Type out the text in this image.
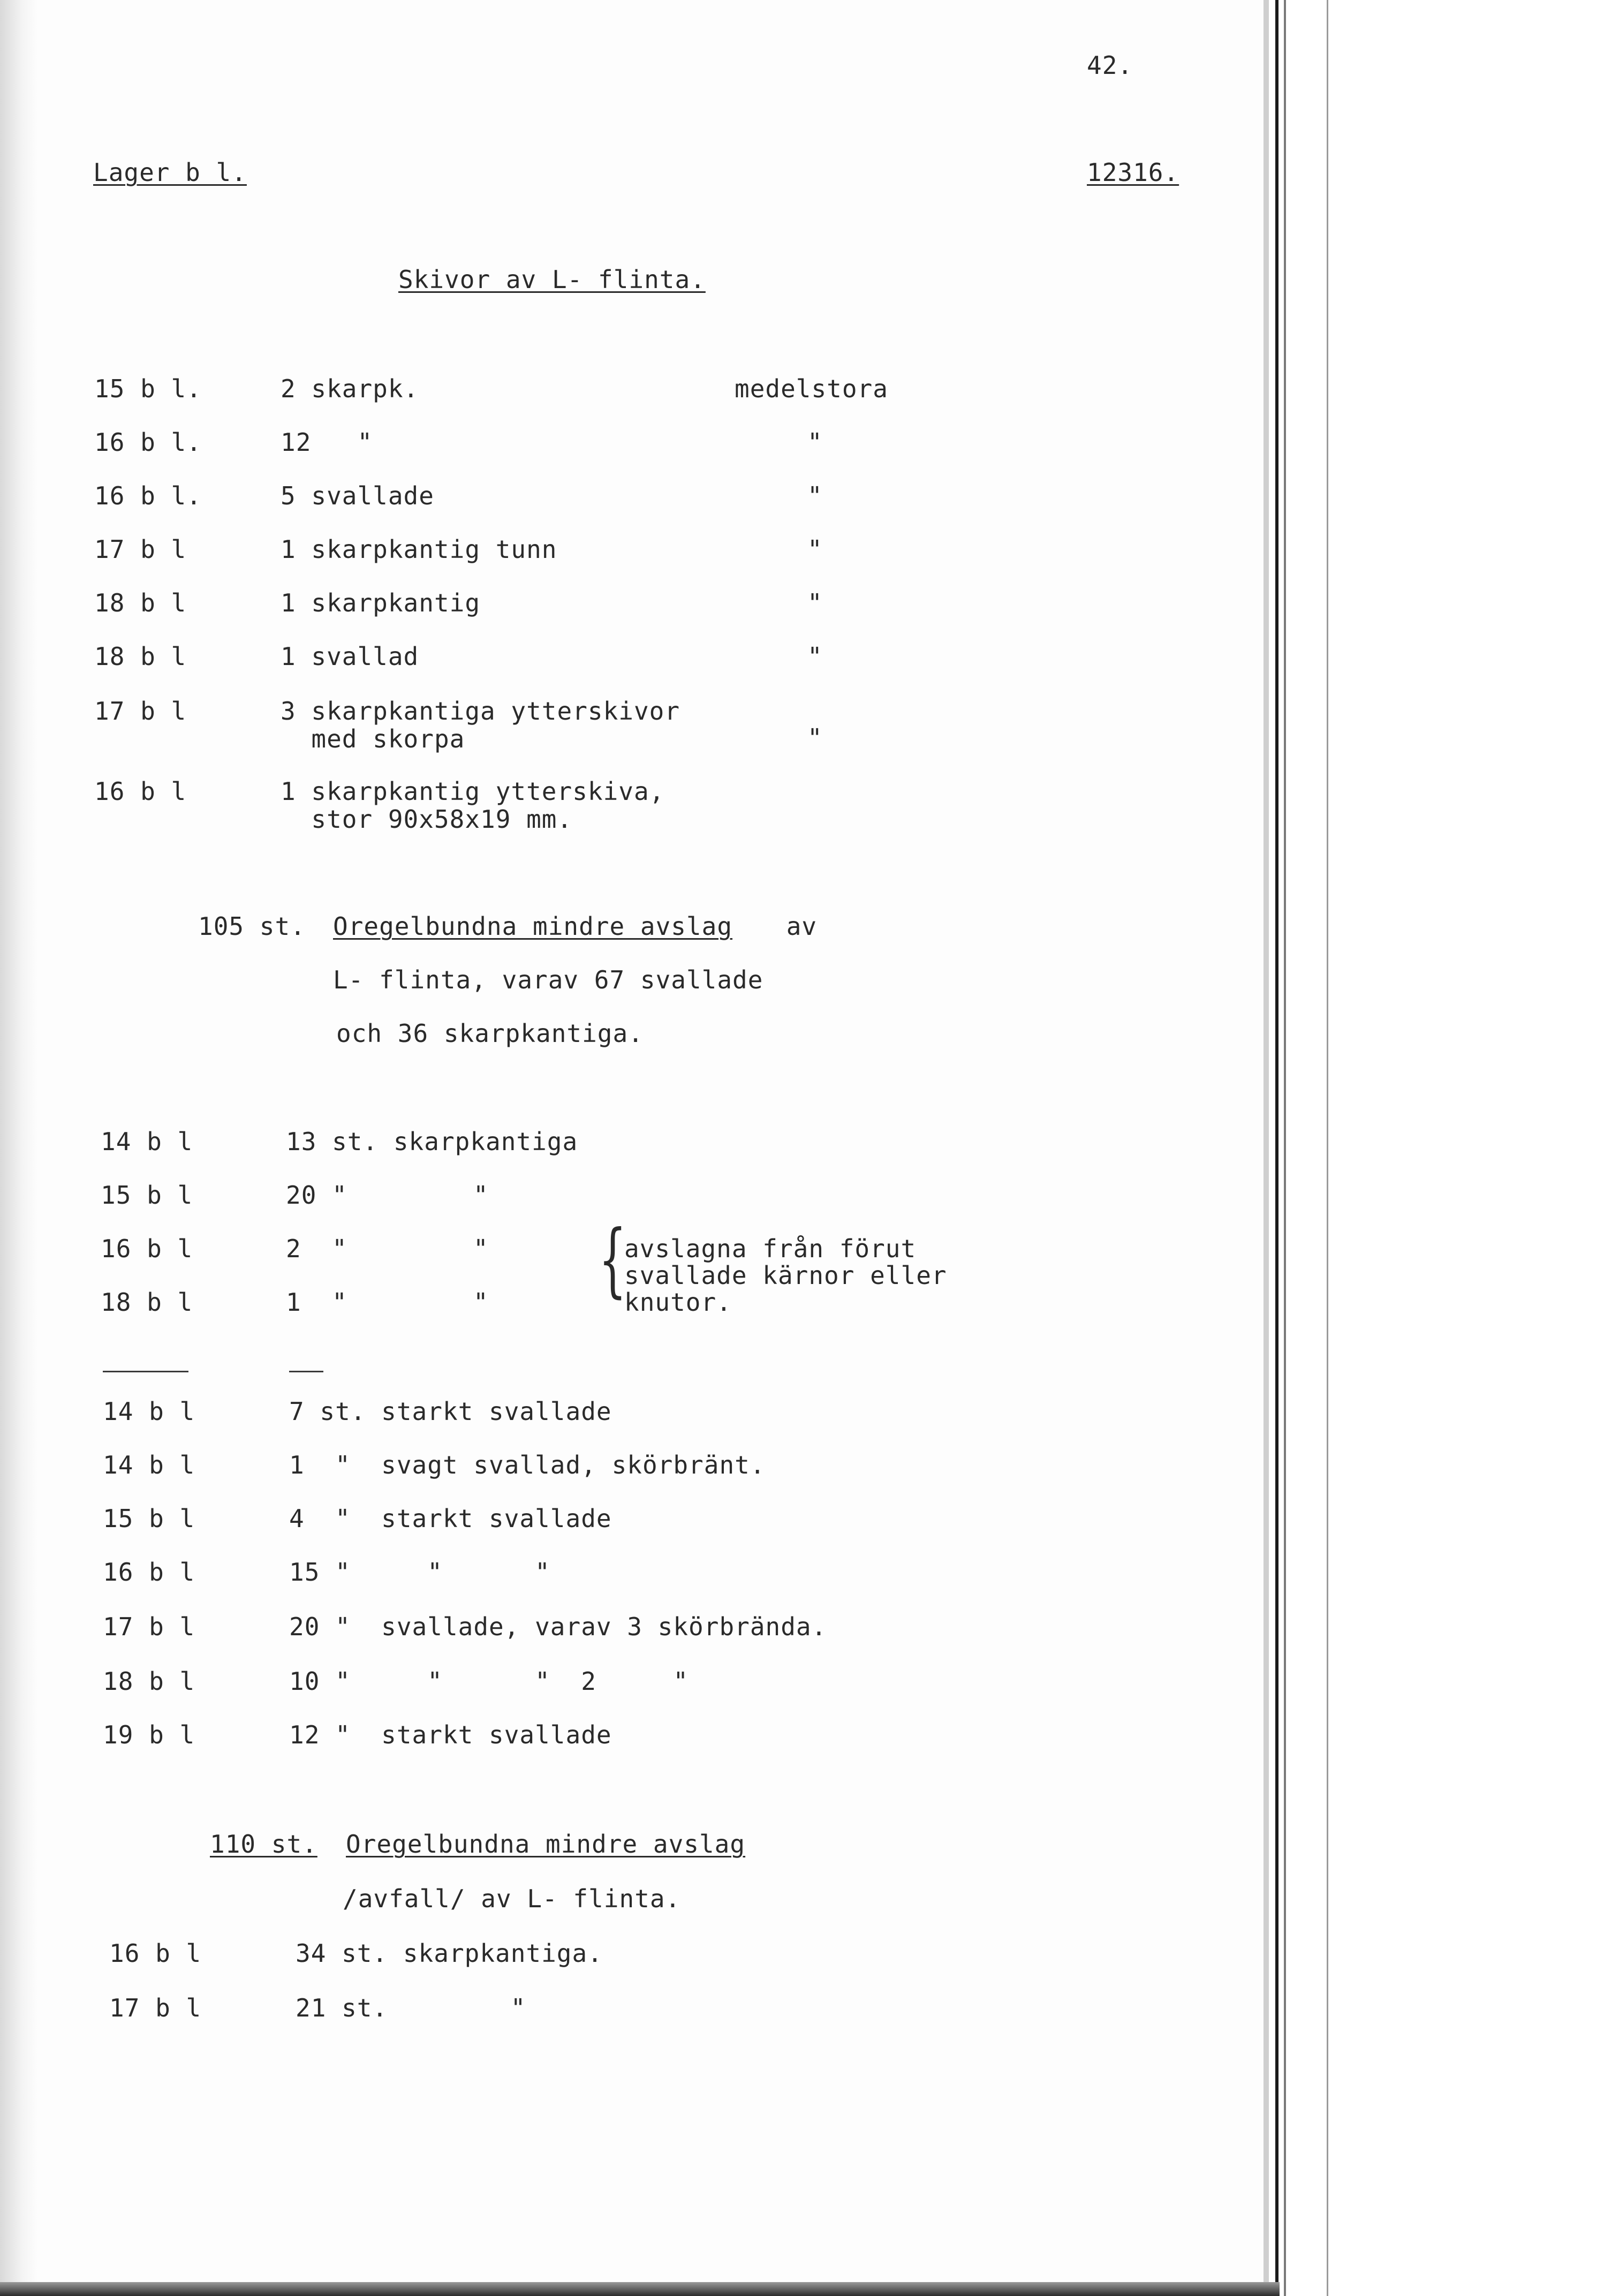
42.
Lager b l.	12316.
Skivor av L- flinta.
15 b l.	2 skarpk.	medelstora
16 b l.	12   "	"
16 b l.	5 svallade	"
17 b l	1 skarpkantig tunn	"
18 b l	1 skarpkantig	"
18 b l	1 svallad	"
17 b l	3 skarpkantiga ytterskivor
med skorpa	"
16 b l	1 skarpkantig ytterskiva,
stor 90x58x19 mm.
105 st. Oregelbundna mindre avslag av
L- flinta, varav 67 svallade
och 36 skarpkantiga.
14 b l	13 st. skarpkantiga
15 b l	20 "	"
16 b l	2  "	"
18 b l	1  "	" {
avslagna från förut
svallade kärnor eller
knutor.
14 b l	7 st. starkt svallade
14 b l	1  "  svagt svallad, skörbränt.
15 b l	4  "  starkt svallade
16 b l	15 "     "      "
17 b l	20 "  svallade, varav 3 skörbrända.
18 b l	10 "     "      "  2     "
19 b l	12 "  starkt svallade
110 st. Oregelbundna mindre avslag
/avfall/ av L- flinta.
16 b l	34 st. skarpkantiga.
17 b l	21 st.        "
